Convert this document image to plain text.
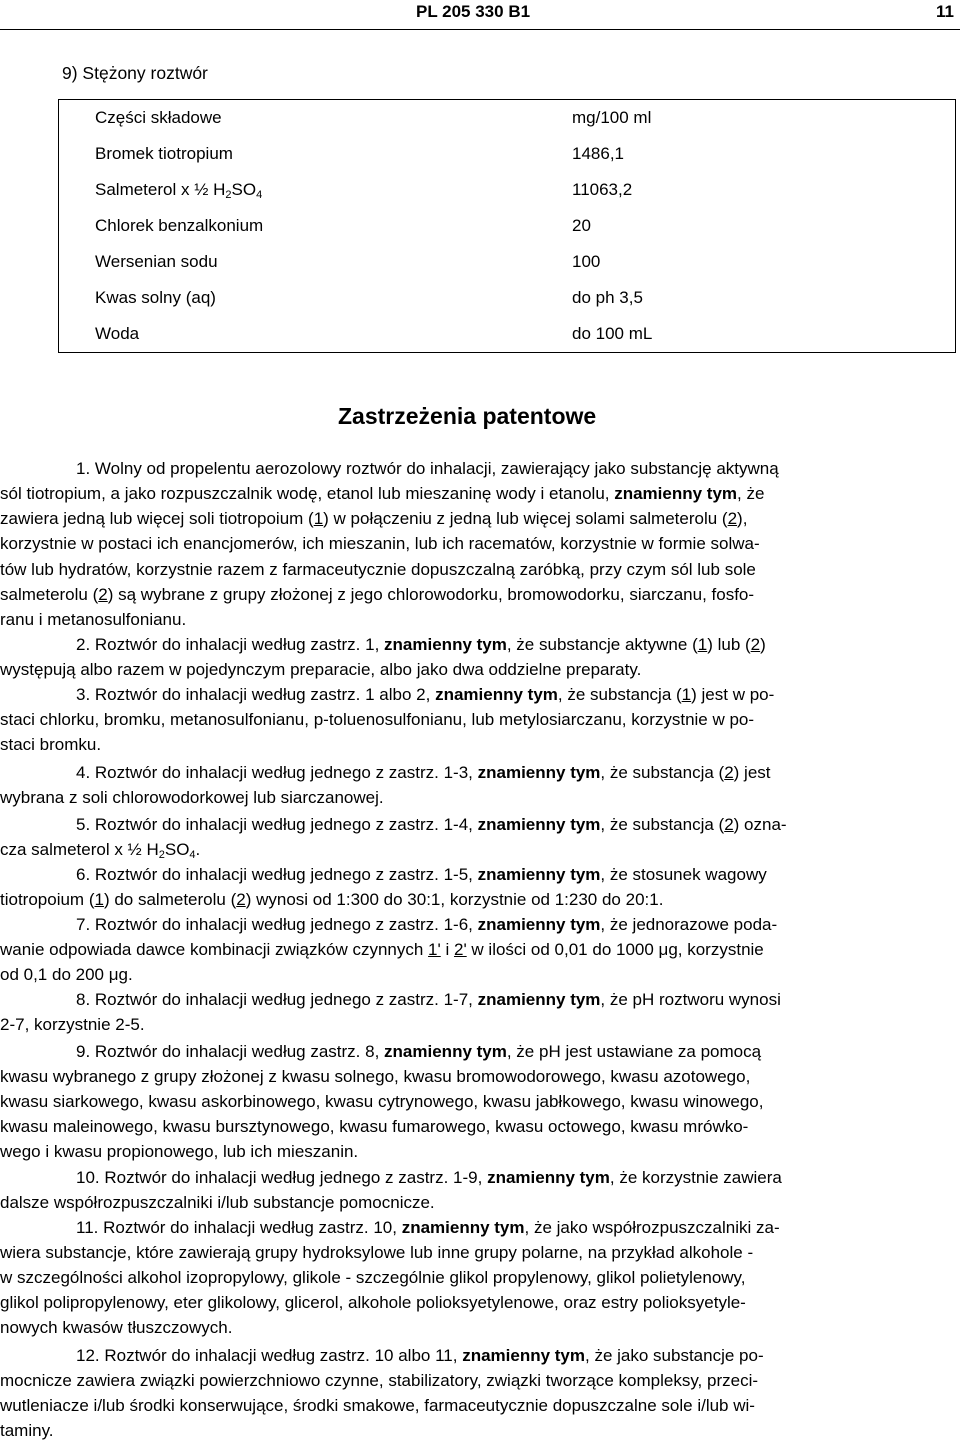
PL 205 330 B1	11
9) Stężony roztwór
Części składowe	mg/100 ml
Bromek tiotropium	1486,1
Salmeterol x ½ $H_2SO_4$	11063,2
Chlorek benzalkonium	20
Wersenian sodu	100
Kwas solny (aq)	do ph 3,5
Woda	do 100 mL
Zastrzeżenia patentowe
1. Wolny od propelentu aerozolowy roztwór do inhalacji, zawierający jako substancję aktywną
sól tiotropium, a jako rozpuszczalnik wodę, etanol lub mieszaninę wody i etanolu, znamienny tym, że
zawiera jedną lub więcej soli tiotropoium (1) w połączeniu z jedną lub więcej solami salmeterolu (2),
korzystnie w postaci ich enancjomerów, ich mieszanin, lub ich racematów, korzystnie w formie solwa-
tów lub hydratów, korzystnie razem z farmaceutycznie dopuszczalną zaróbką, przy czym sól lub sole
salmeterolu (2) są wybrane z grupy złożonej z jego chlorowodorku, bromowodorku, siarczanu, fosfo-
ranu i metanosulfonianu.
2. Roztwór do inhalacji według zastrz. 1, znamienny tym, że substancje aktywne (1) lub (2)
występują albo razem w pojedynczym preparacie, albo jako dwa oddzielne preparaty.
3. Roztwór do inhalacji według zastrz. 1 albo 2, znamienny tym, że substancja (1) jest w po-
staci chlorku, bromku, metanosulfonianu, p-toluenosulfonianu, lub metylosiarczanu, korzystnie w po-
staci bromku.
4. Roztwór do inhalacji według jednego z zastrz. 1-3, znamienny tym, że substancja (2) jest
wybrana z soli chlorowodorkowej lub siarczanowej.
5. Roztwór do inhalacji według jednego z zastrz. 1-4, znamienny tym, że substancja (2) ozna-
cza salmeterol x ½ $H_2SO_4$.
6. Roztwór do inhalacji według jednego z zastrz. 1-5, znamienny tym, że stosunek wagowy
tiotropoium (1) do salmeterolu (2) wynosi od 1:300 do 30:1, korzystnie od 1:230 do 20:1.
7. Roztwór do inhalacji według jednego z zastrz. 1-6, znamienny tym, że jednorazowe poda-
wanie odpowiada dawce kombinacji związków czynnych 1' i 2' w ilości od 0,01 do 1000 μg, korzystnie
od 0,1 do 200 μg.
8. Roztwór do inhalacji według jednego z zastrz. 1-7, znamienny tym, że pH roztworu wynosi
2-7, korzystnie 2-5.
9. Roztwór do inhalacji według zastrz. 8, znamienny tym, że pH jest ustawiane za pomocą
kwasu wybranego z grupy złożonej z kwasu solnego, kwasu bromowodorowego, kwasu azotowego,
kwasu siarkowego, kwasu askorbinowego, kwasu cytrynowego, kwasu jabłkowego, kwasu winowego,
kwasu maleinowego, kwasu bursztynowego, kwasu fumarowego, kwasu octowego, kwasu mrówko-
wego i kwasu propionowego, lub ich mieszanin.
10. Roztwór do inhalacji według jednego z zastrz. 1-9, znamienny tym, że korzystnie zawiera
dalsze współrozpuszczalniki i/lub substancje pomocnicze.
11. Roztwór do inhalacji według zastrz. 10, znamienny tym, że jako współrozpuszczalniki za-
wiera substancje, które zawierają grupy hydroksylowe lub inne grupy polarne, na przykład alkohole -
w szczególności alkohol izopropylowy, glikole - szczególnie glikol propylenowy, glikol polietylenowy,
glikol polipropylenowy, eter glikolowy, glicerol, alkohole polioksyetylenowe, oraz estry polioksyetyle-
nowych kwasów tłuszczowych.
12. Roztwór do inhalacji według zastrz. 10 albo 11, znamienny tym, że jako substancje po-
mocnicze zawiera związki powierzchniowo czynne, stabilizatory, związki tworzące kompleksy, przeci-
wutleniacze i/lub środki konserwujące, środki smakowe, farmaceutycznie dopuszczalne sole i/lub wi-
taminy.
